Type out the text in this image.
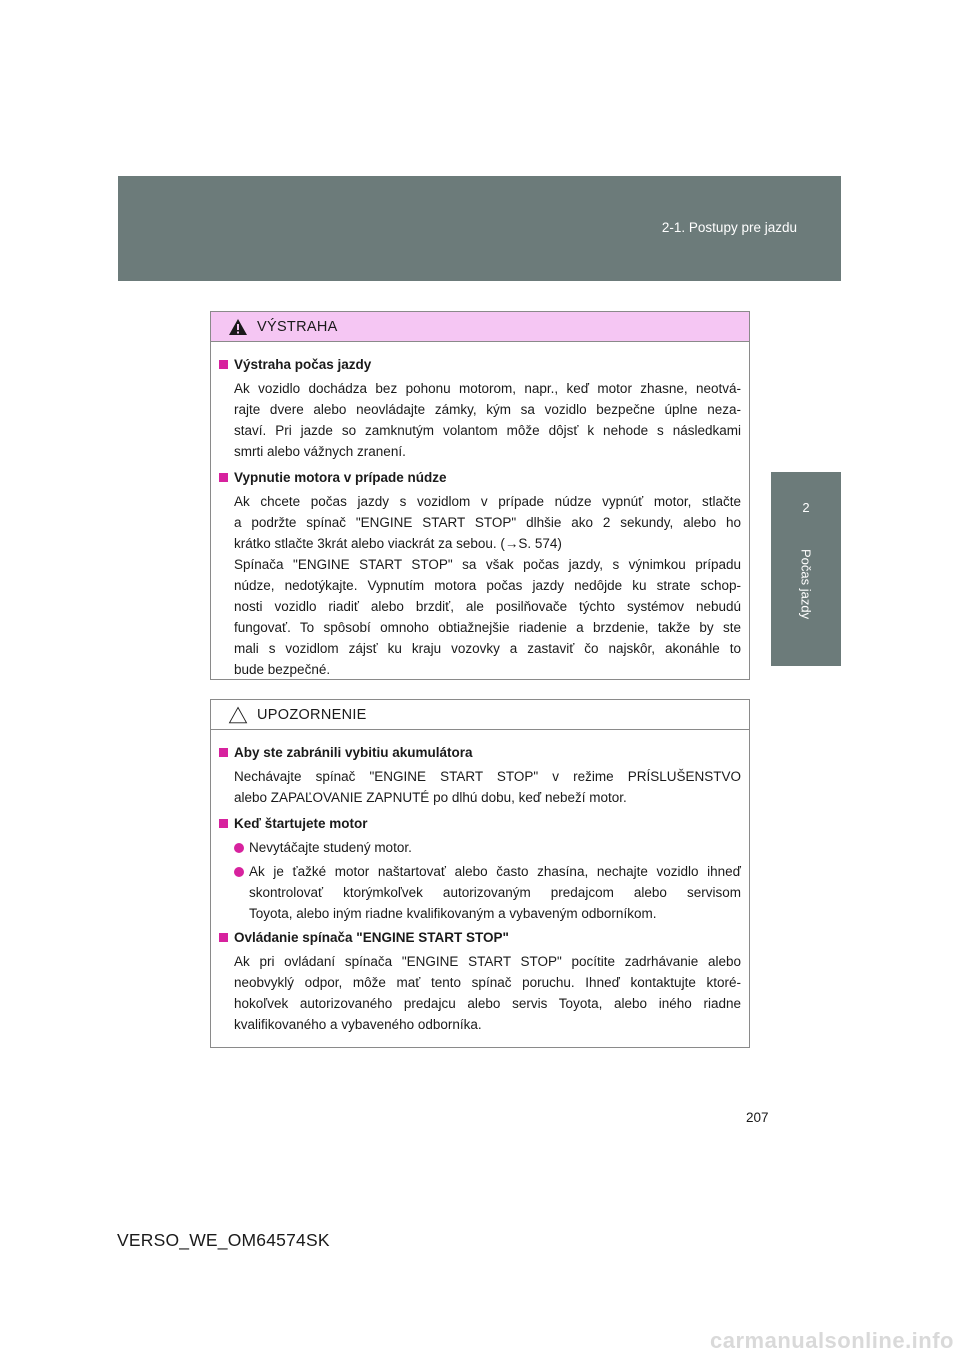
2-1. Postupy pre jazdu
2
Počas jazdy
VÝSTRAHA
Výstraha počas jazdy
Ak vozidlo dochádza bez pohonu motorom, napr., keď motor zhasne, neotvá-
rajte dvere alebo neovládajte zámky, kým sa vozidlo bezpečne úplne neza-
staví. Pri jazde so zamknutým volantom môže dôjsť k nehode s následkami
smrti alebo vážnych zranení.
Vypnutie motora v prípade núdze
Ak chcete počas jazdy s vozidlom v prípade núdze vypnúť motor, stlačte
a podržte spínač "ENGINE START STOP" dlhšie ako 2 sekundy, alebo ho
krátko stlačte 3krát alebo viackrát za sebou. (→S. 574)
Spínača "ENGINE START STOP" sa však počas jazdy, s výnimkou prípadu
núdze, nedotýkajte. Vypnutím motora počas jazdy nedôjde ku strate schop-
nosti vozidlo riadiť alebo brzdiť, ale posilňovače týchto systémov nebudú
fungovať. To spôsobí omnoho obtiažnejšie riadenie a brzdenie, takže by ste
mali s vozidlom zájsť ku kraju vozovky a zastaviť čo najskôr, akonáhle to
bude bezpečné.
UPOZORNENIE
Aby ste zabránili vybitiu akumulátora
Nechávajte spínač "ENGINE START STOP" v režime PRÍSLUŠENSTVO
alebo ZAPAĽOVANIE ZAPNUTÉ po dlhú dobu, keď nebeží motor.
Keď štartujete motor
Nevytáčajte studený motor.
Ak je ťažké motor naštartovať alebo často zhasína, nechajte vozidlo ihneď
skontrolovať ktorýmkoľvek autorizovaným predajcom alebo servisom
Toyota, alebo iným riadne kvalifikovaným a vybaveným odborníkom.
Ovládanie spínača "ENGINE START STOP"
Ak pri ovládaní spínača "ENGINE START STOP" pocítite zadrhávanie alebo
neobvyklý odpor, môže mať tento spínač poruchu. Ihneď kontaktujte ktoré-
hokoľvek autorizovaného predajcu alebo servis Toyota, alebo iného riadne
kvalifikovaného a vybaveného odborníka.
207
VERSO_WE_OM64574SK
carmanualsonline.info
